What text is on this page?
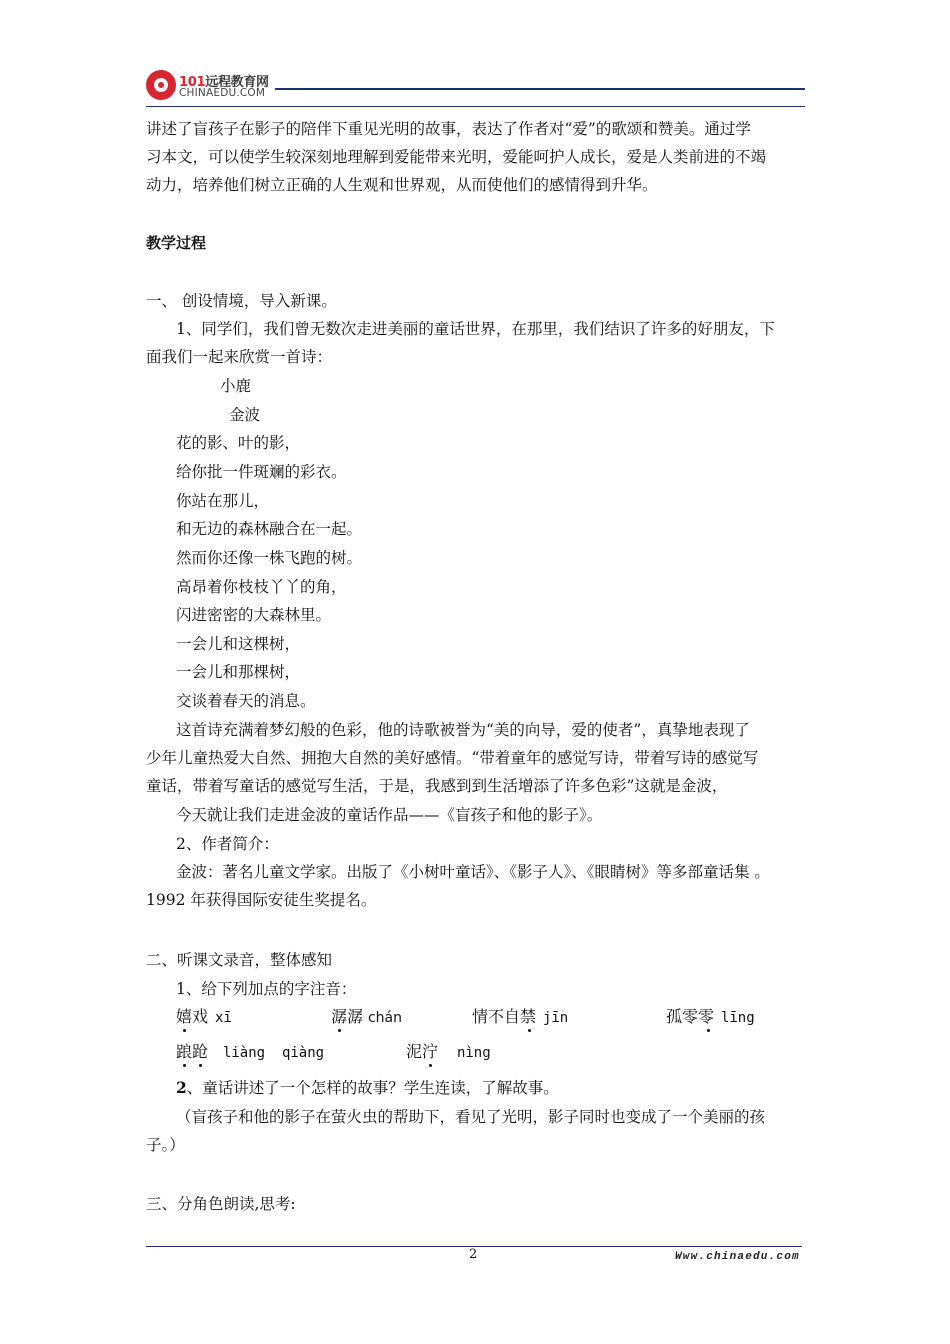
101远程教育网
CHINAEDU.COM
讲述了盲孩子在影子的陪伴下重见光明的故事，表达了作者对“爱”的歌颂和赞美。通过学
习本文，可以使学生较深刻地理解到爱能带来光明，爱能呵护人成长，爱是人类前进的不竭
动力，培养他们树立正确的人生观和世界观，从而使他们的感情得到升华。
教学过程
一、 创设情境，导入新课。
1、同学们，我们曾无数次走进美丽的童话世界，在那里，我们结识了许多的好朋友，下
面我们一起来欣赏一首诗：
小鹿
金波
花的影、叶的影，
给你批一件斑斓的彩衣。
你站在那儿，
和无边的森林融合在一起。
然而你还像一株飞跑的树。
高昂着你枝枝丫丫的角，
闪进密密的大森林里。
一会儿和这棵树，
一会儿和那棵树，
交谈着春天的消息。
这首诗充满着梦幻般的色彩，他的诗歌被誉为“美的向导，爱的使者”，真挚地表现了
少年儿童热爱大自然、拥抱大自然的美好感情。“带着童年的感觉写诗，带着写诗的感觉写
童话，带着写童话的感觉写生活，于是，我感到到生活增添了许多色彩”这就是金波，
今天就让我们走进金波的童话作品——《盲孩子和他的影子》。
2、作者简介：
金波：著名儿童文学家。出版了《小树叶童话》、《影子人》、《眼睛树》等多部童话集 。
1992 年获得国际安徒生奖提名。
二、听课文录音，整体感知
1、给下列加点的字注音：
嬉戏 xī	潺潺 chán	情不自禁 jīn	孤零零 līng
踉跄 liàng  qiàng	泥泞 nìng
2、童话讲述了一个怎样的故事？学生连读，了解故事。
（盲孩子和他的影子在萤火虫的帮助下，看见了光明，影子同时也变成了一个美丽的孩
子。）
三、分角色朗读,思考:
2	Www.chinaedu.com
